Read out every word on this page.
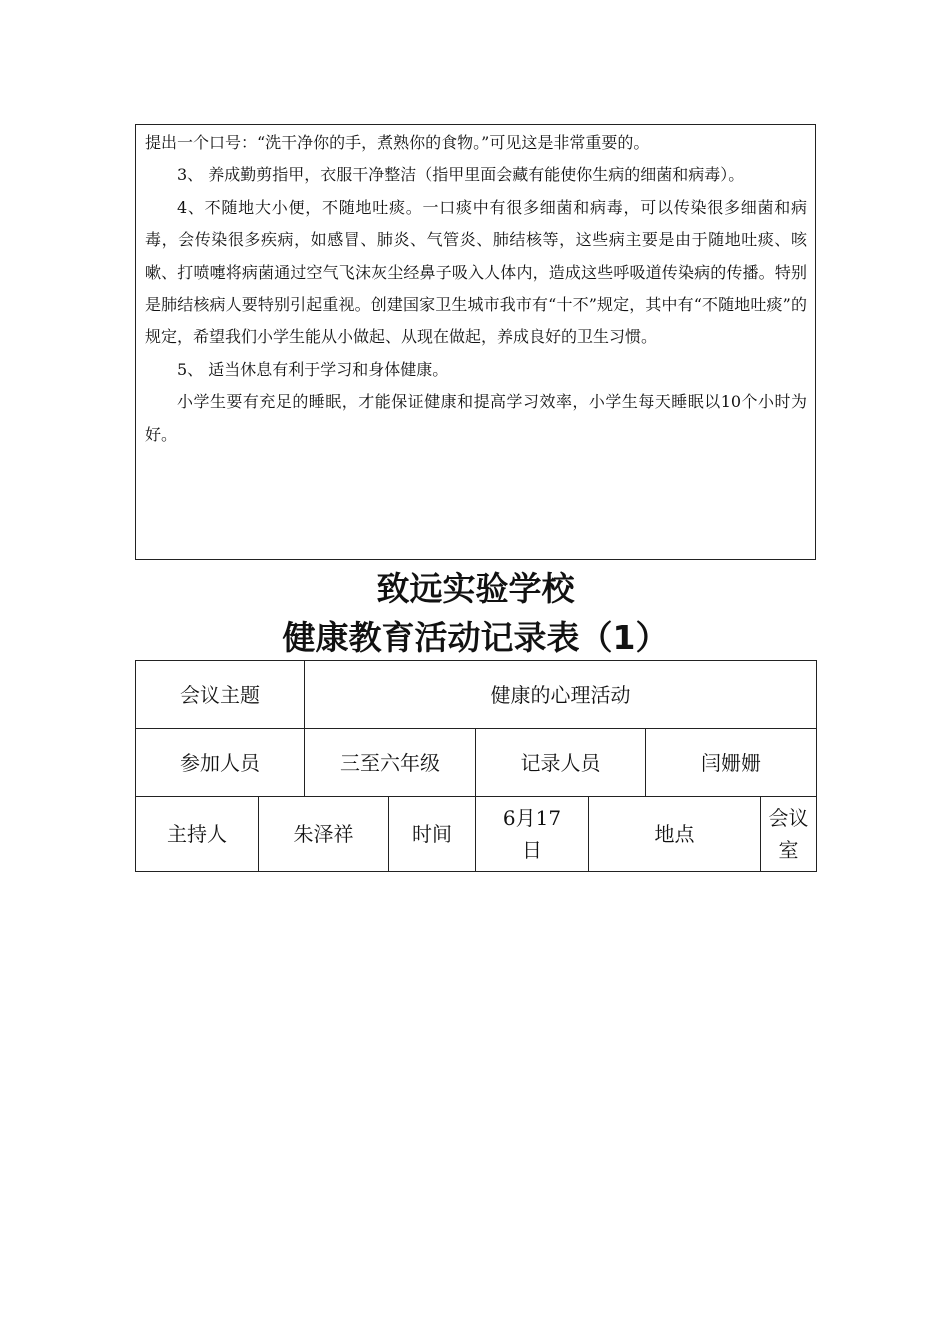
提出一个口号：“洗干净你的手，煮熟你的食物。”可见这是非常重要的。

3、 养成勤剪指甲，衣服干净整洁（指甲里面会藏有能使你生病的细菌和病毒）。

4、不随地大小便，不随地吐痰。一口痰中有很多细菌和病毒，可以传染很多细菌和病毒，会传染很多疾病，如感冒、肺炎、气管炎、肺结核等，这些病主要是由于随地吐痰、咳嗽、打喷嚏将病菌通过空气飞沫灰尘经鼻子吸入人体内，造成这些呼吸道传染病的传播。特别是肺结核病人要特别引起重视。创建国家卫生城市我市有“十不”规定，其中有“不随地吐痰”的规定，希望我们小学生能从小做起、从现在做起，养成良好的卫生习惯。

5、 适当休息有利于学习和身体健康。

小学生要有充足的睡眠，才能保证健康和提高学习效率，小学生每天睡眠以10个小时为好。

致远实验学校
健康教育活动记录表（1）
会议主题		健康的心理活动					
参加人员		三至六年级		记录人员		闫姗姗	
主持人	朱泽祥		时间	6月17日	地点		会议室
